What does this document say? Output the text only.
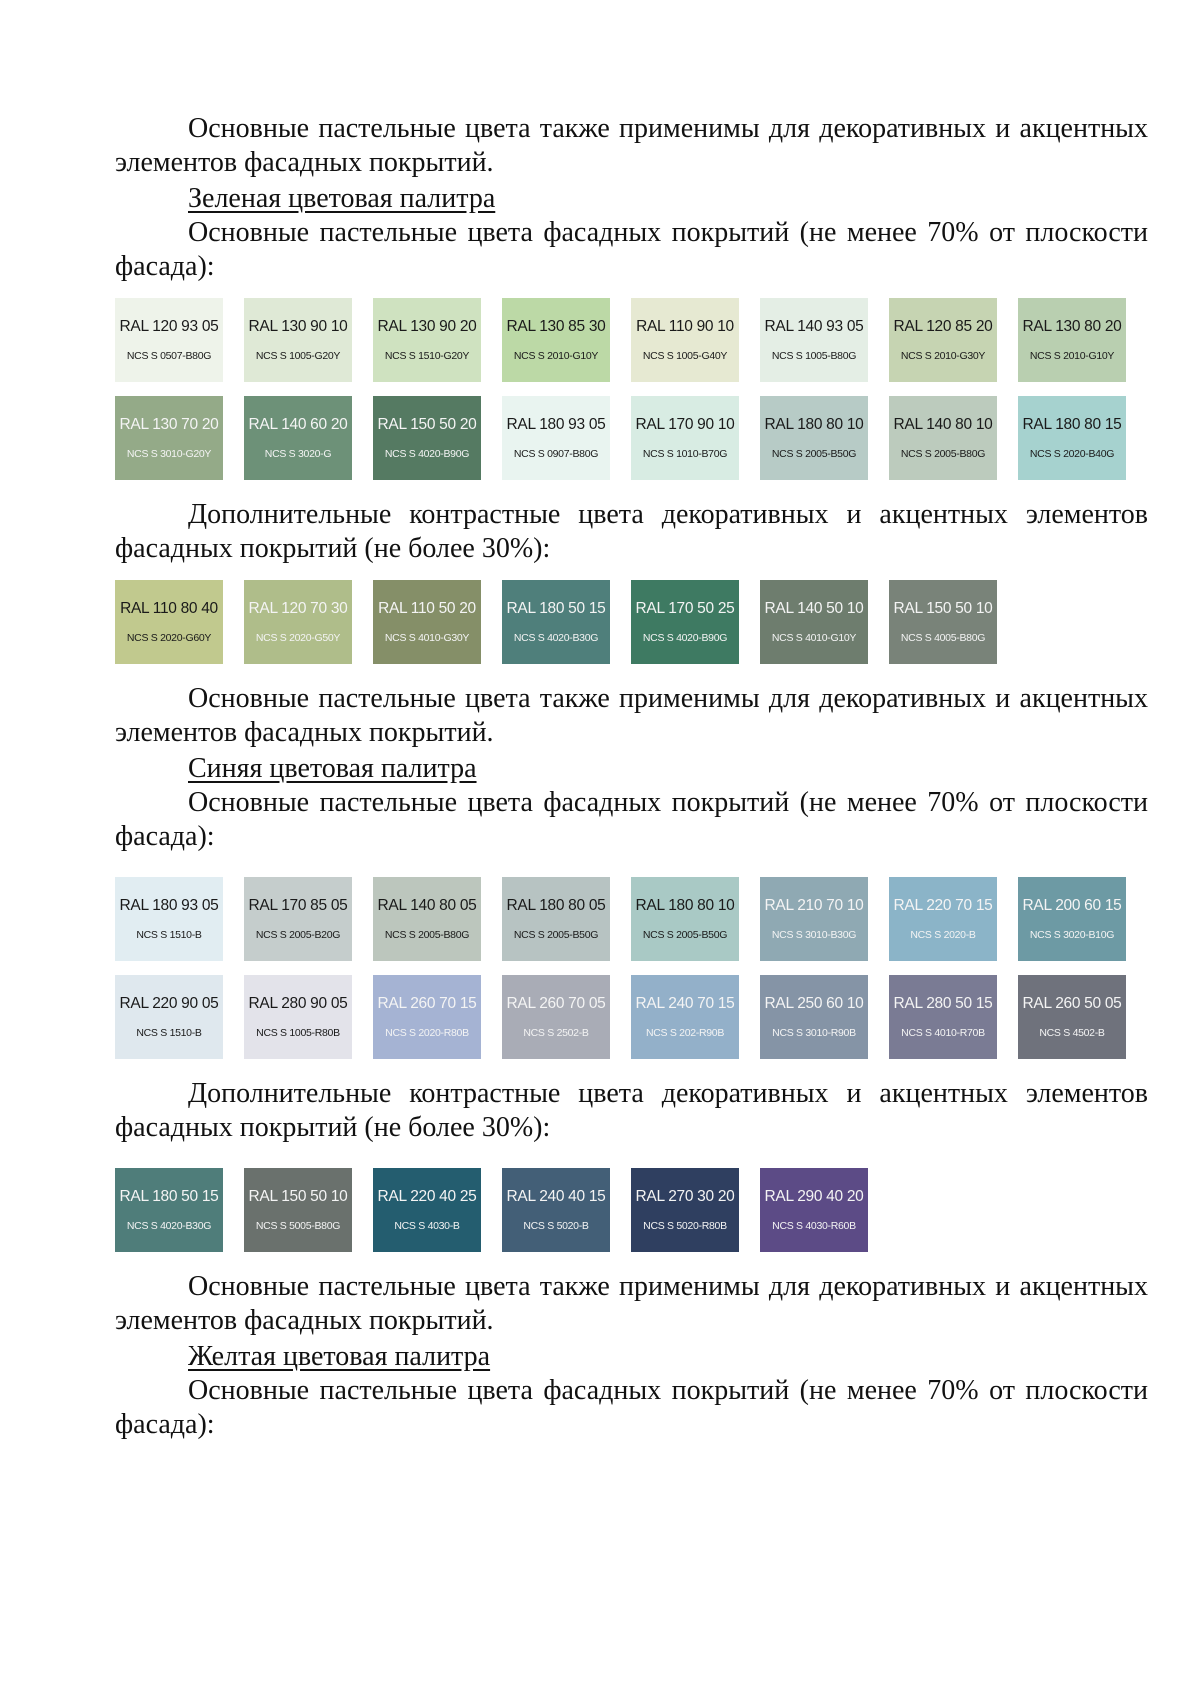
Основные пастельные цвета также применимы для декоративных и акцентных элементов фасадных покрытий.

Зеленая цветовая палитра

Основные пастельные цвета фасадных покрытий (не менее 70% от плоскости фасада):

RAL 120 93 05
NCS S 0507-B80G
RAL 130 90 10
NCS S 1005-G20Y
RAL 130 90 20
NCS S 1510-G20Y
RAL 130 85 30
NCS S 2010-G10Y
RAL 110 90 10
NCS S 1005-G40Y
RAL 140 93 05
NCS S 1005-B80G
RAL 120 85 20
NCS S 2010-G30Y
RAL 130 80 20
NCS S 2010-G10Y
RAL 130 70 20
NCS S 3010-G20Y
RAL 140 60 20
NCS S 3020-G
RAL 150 50 20
NCS S 4020-B90G
RAL 180 93 05
NCS S 0907-B80G
RAL 170 90 10
NCS S 1010-B70G
RAL 180 80 10
NCS S 2005-B50G
RAL 140 80 10
NCS S 2005-B80G
RAL 180 80 15
NCS S 2020-B40G

Дополнительные контрастные цвета декоративных и акцентных элементов фасадных покрытий (не более 30%):

RAL 110 80 40
NCS S 2020-G60Y
RAL 120 70 30
NCS S 2020-G50Y
RAL 110 50 20
NCS S 4010-G30Y
RAL 180 50 15
NCS S 4020-B30G
RAL 170 50 25
NCS S 4020-B90G
RAL 140 50 10
NCS S 4010-G10Y
RAL 150 50 10
NCS S 4005-B80G

Основные пастельные цвета также применимы для декоративных и акцентных элементов фасадных покрытий.

Синяя цветовая палитра

Основные пастельные цвета фасадных покрытий (не менее 70% от плоскости фасада):

RAL 180 93 05
NCS S 1510-B
RAL 170 85 05
NCS S 2005-B20G
RAL 140 80 05
NCS S 2005-B80G
RAL 180 80 05
NCS S 2005-B50G
RAL 180 80 10
NCS S 2005-B50G
RAL 210 70 10
NCS S 3010-B30G
RAL 220 70 15
NCS S 2020-B
RAL 200 60 15
NCS S 3020-B10G
RAL 220 90 05
NCS S 1510-B
RAL 280 90 05
NCS S 1005-R80B
RAL 260 70 15
NCS S 2020-R80B
RAL 260 70 05
NCS S 2502-B
RAL 240 70 15
NCS S 202-R90B
RAL 250 60 10
NCS S 3010-R90B
RAL 280 50 15
NCS S 4010-R70B
RAL 260 50 05
NCS S 4502-B

Дополнительные контрастные цвета декоративных и акцентных элементов фасадных покрытий (не более 30%):

RAL 180 50 15
NCS S 4020-B30G
RAL 150 50 10
NCS S 5005-B80G
RAL 220 40 25
NCS S 4030-B
RAL 240 40 15
NCS S 5020-B
RAL 270 30 20
NCS S 5020-R80B
RAL 290 40 20
NCS S 4030-R60B

Основные пастельные цвета также применимы для декоративных и акцентных элементов фасадных покрытий.

Желтая цветовая палитра

Основные пастельные цвета фасадных покрытий (не менее 70% от плоскости фасада):
